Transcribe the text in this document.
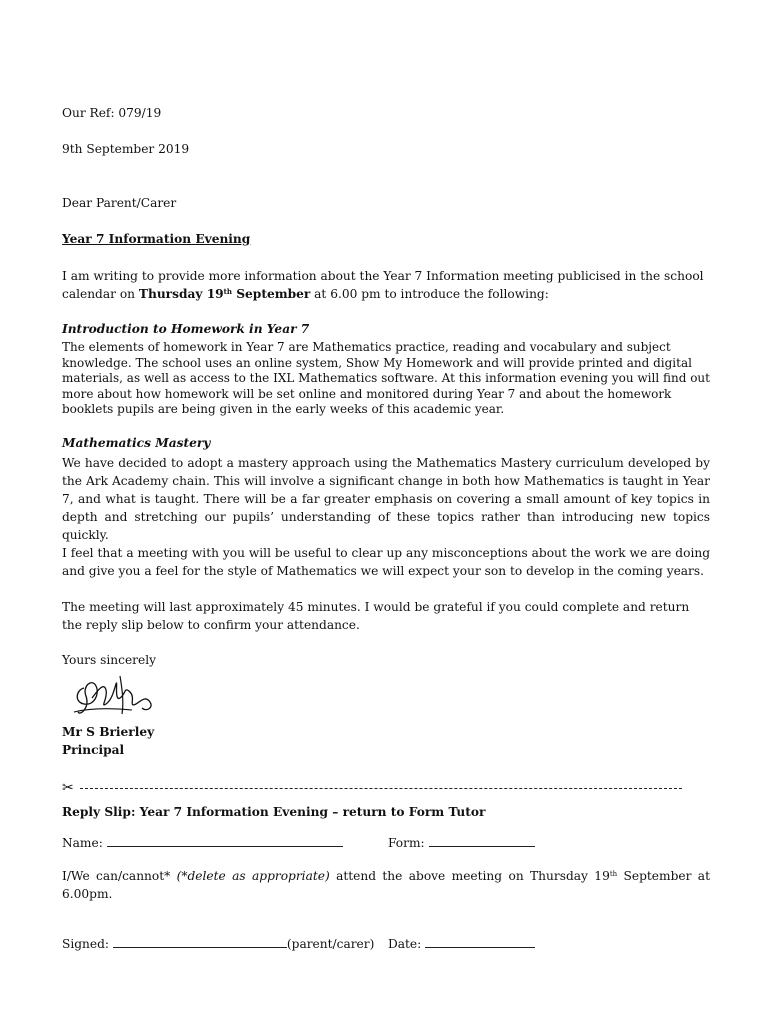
Our Ref: 079/19
9th September 2019
Dear Parent/Carer
Year 7 Information Evening
I am writing to provide more information about the Year 7 Information meeting publicised in the school calendar on Thursday 19th September at 6.00 pm to introduce the following:
Introduction to Homework in Year 7
The elements of homework in Year 7 are Mathematics practice, reading and vocabulary and subject knowledge. The school uses an online system, Show My Homework and will provide printed and digital materials, as well as access to the IXL Mathematics software. At this information evening you will find out more about how homework will be set online and monitored during Year 7 and about the homework booklets pupils are being given in the early weeks of this academic year.
Mathematics Mastery
We have decided to adopt a mastery approach using the Mathematics Mastery curriculum developed by the Ark Academy chain. This will involve a significant change in both how Mathematics is taught in Year 7, and what is taught. There will be a far greater emphasis on covering a small amount of key topics in depth and stretching our pupils’ understanding of these topics rather than introducing new topics quickly.
I feel that a meeting with you will be useful to clear up any misconceptions about the work we are doing and give you a feel for the style of Mathematics we will expect your son to develop in the coming years.
The meeting will last approximately 45 minutes. I would be grateful if you could complete and return the reply slip below to confirm your attendance.
Yours sincerely
Mr S Brierley
Principal
✂
Reply Slip: Year 7 Information Evening – return to Form Tutor
Name:	Form:
I/We can/cannot* (*delete as appropriate) attend the above meeting on Thursday 19th September at 6.00pm.
Signed:	(parent/carer) Date:
